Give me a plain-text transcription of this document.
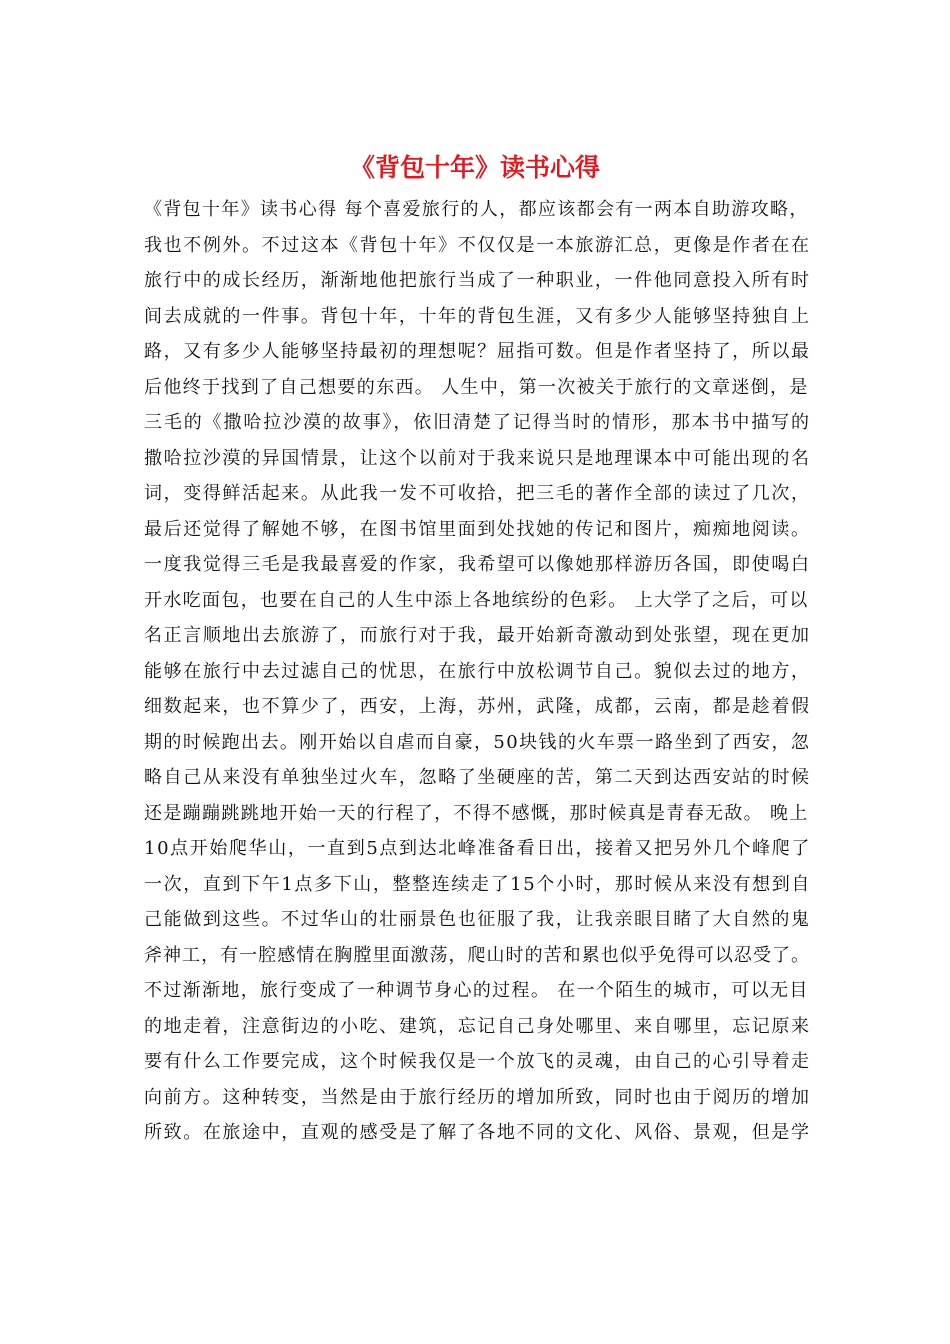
《背包十年》读书心得
《背包十年》读书心得 每个喜爱旅行的人，都应该都会有一两本自助游攻略，
我也不例外。不过这本《背包十年》不仅仅是一本旅游汇总，更像是作者在在
旅行中的成长经历，渐渐地他把旅行当成了一种职业，一件他同意投入所有时
间去成就的一件事。背包十年，十年的背包生涯，又有多少人能够坚持独自上
路，又有多少人能够坚持最初的理想呢？屈指可数。但是作者坚持了，所以最
后他终于找到了自己想要的东西。 人生中，第一次被关于旅行的文章迷倒，是
三毛的《撒哈拉沙漠的故事》，依旧清楚了记得当时的情形，那本书中描写的
撒哈拉沙漠的异国情景，让这个以前对于我来说只是地理课本中可能出现的名
词，变得鲜活起来。从此我一发不可收拾，把三毛的著作全部的读过了几次，
最后还觉得了解她不够，在图书馆里面到处找她的传记和图片，痴痴地阅读。
一度我觉得三毛是我最喜爱的作家，我希望可以像她那样游历各国，即使喝白
开水吃面包，也要在自己的人生中添上各地缤纷的色彩。 上大学了之后，可以
名正言顺地出去旅游了，而旅行对于我，最开始新奇激动到处张望，现在更加
能够在旅行中去过滤自己的忧思，在旅行中放松调节自己。貌似去过的地方，
细数起来，也不算少了，西安，上海，苏州，武隆，成都，云南，都是趁着假
期的时候跑出去。刚开始以自虐而自豪，50块钱的火车票一路坐到了西安，忽
略自己从来没有单独坐过火车，忽略了坐硬座的苦，第二天到达西安站的时候
还是蹦蹦跳跳地开始一天的行程了，不得不感慨，那时候真是青春无敌。 晚上
10点开始爬华山，一直到5点到达北峰准备看日出，接着又把另外几个峰爬了
一次，直到下午1点多下山，整整连续走了15个小时，那时候从来没有想到自
己能做到这些。不过华山的壮丽景色也征服了我，让我亲眼目睹了大自然的鬼
斧神工，有一腔感情在胸膛里面激荡，爬山时的苦和累也似乎免得可以忍受了。
不过渐渐地，旅行变成了一种调节身心的过程。 在一个陌生的城市，可以无目
的地走着，注意街边的小吃、建筑，忘记自己身处哪里、来自哪里，忘记原来
要有什么工作要完成，这个时候我仅是一个放飞的灵魂，由自己的心引导着走
向前方。这种转变，当然是由于旅行经历的增加所致，同时也由于阅历的增加
所致。在旅途中，直观的感受是了解了各地不同的文化、风俗、景观，但是学
